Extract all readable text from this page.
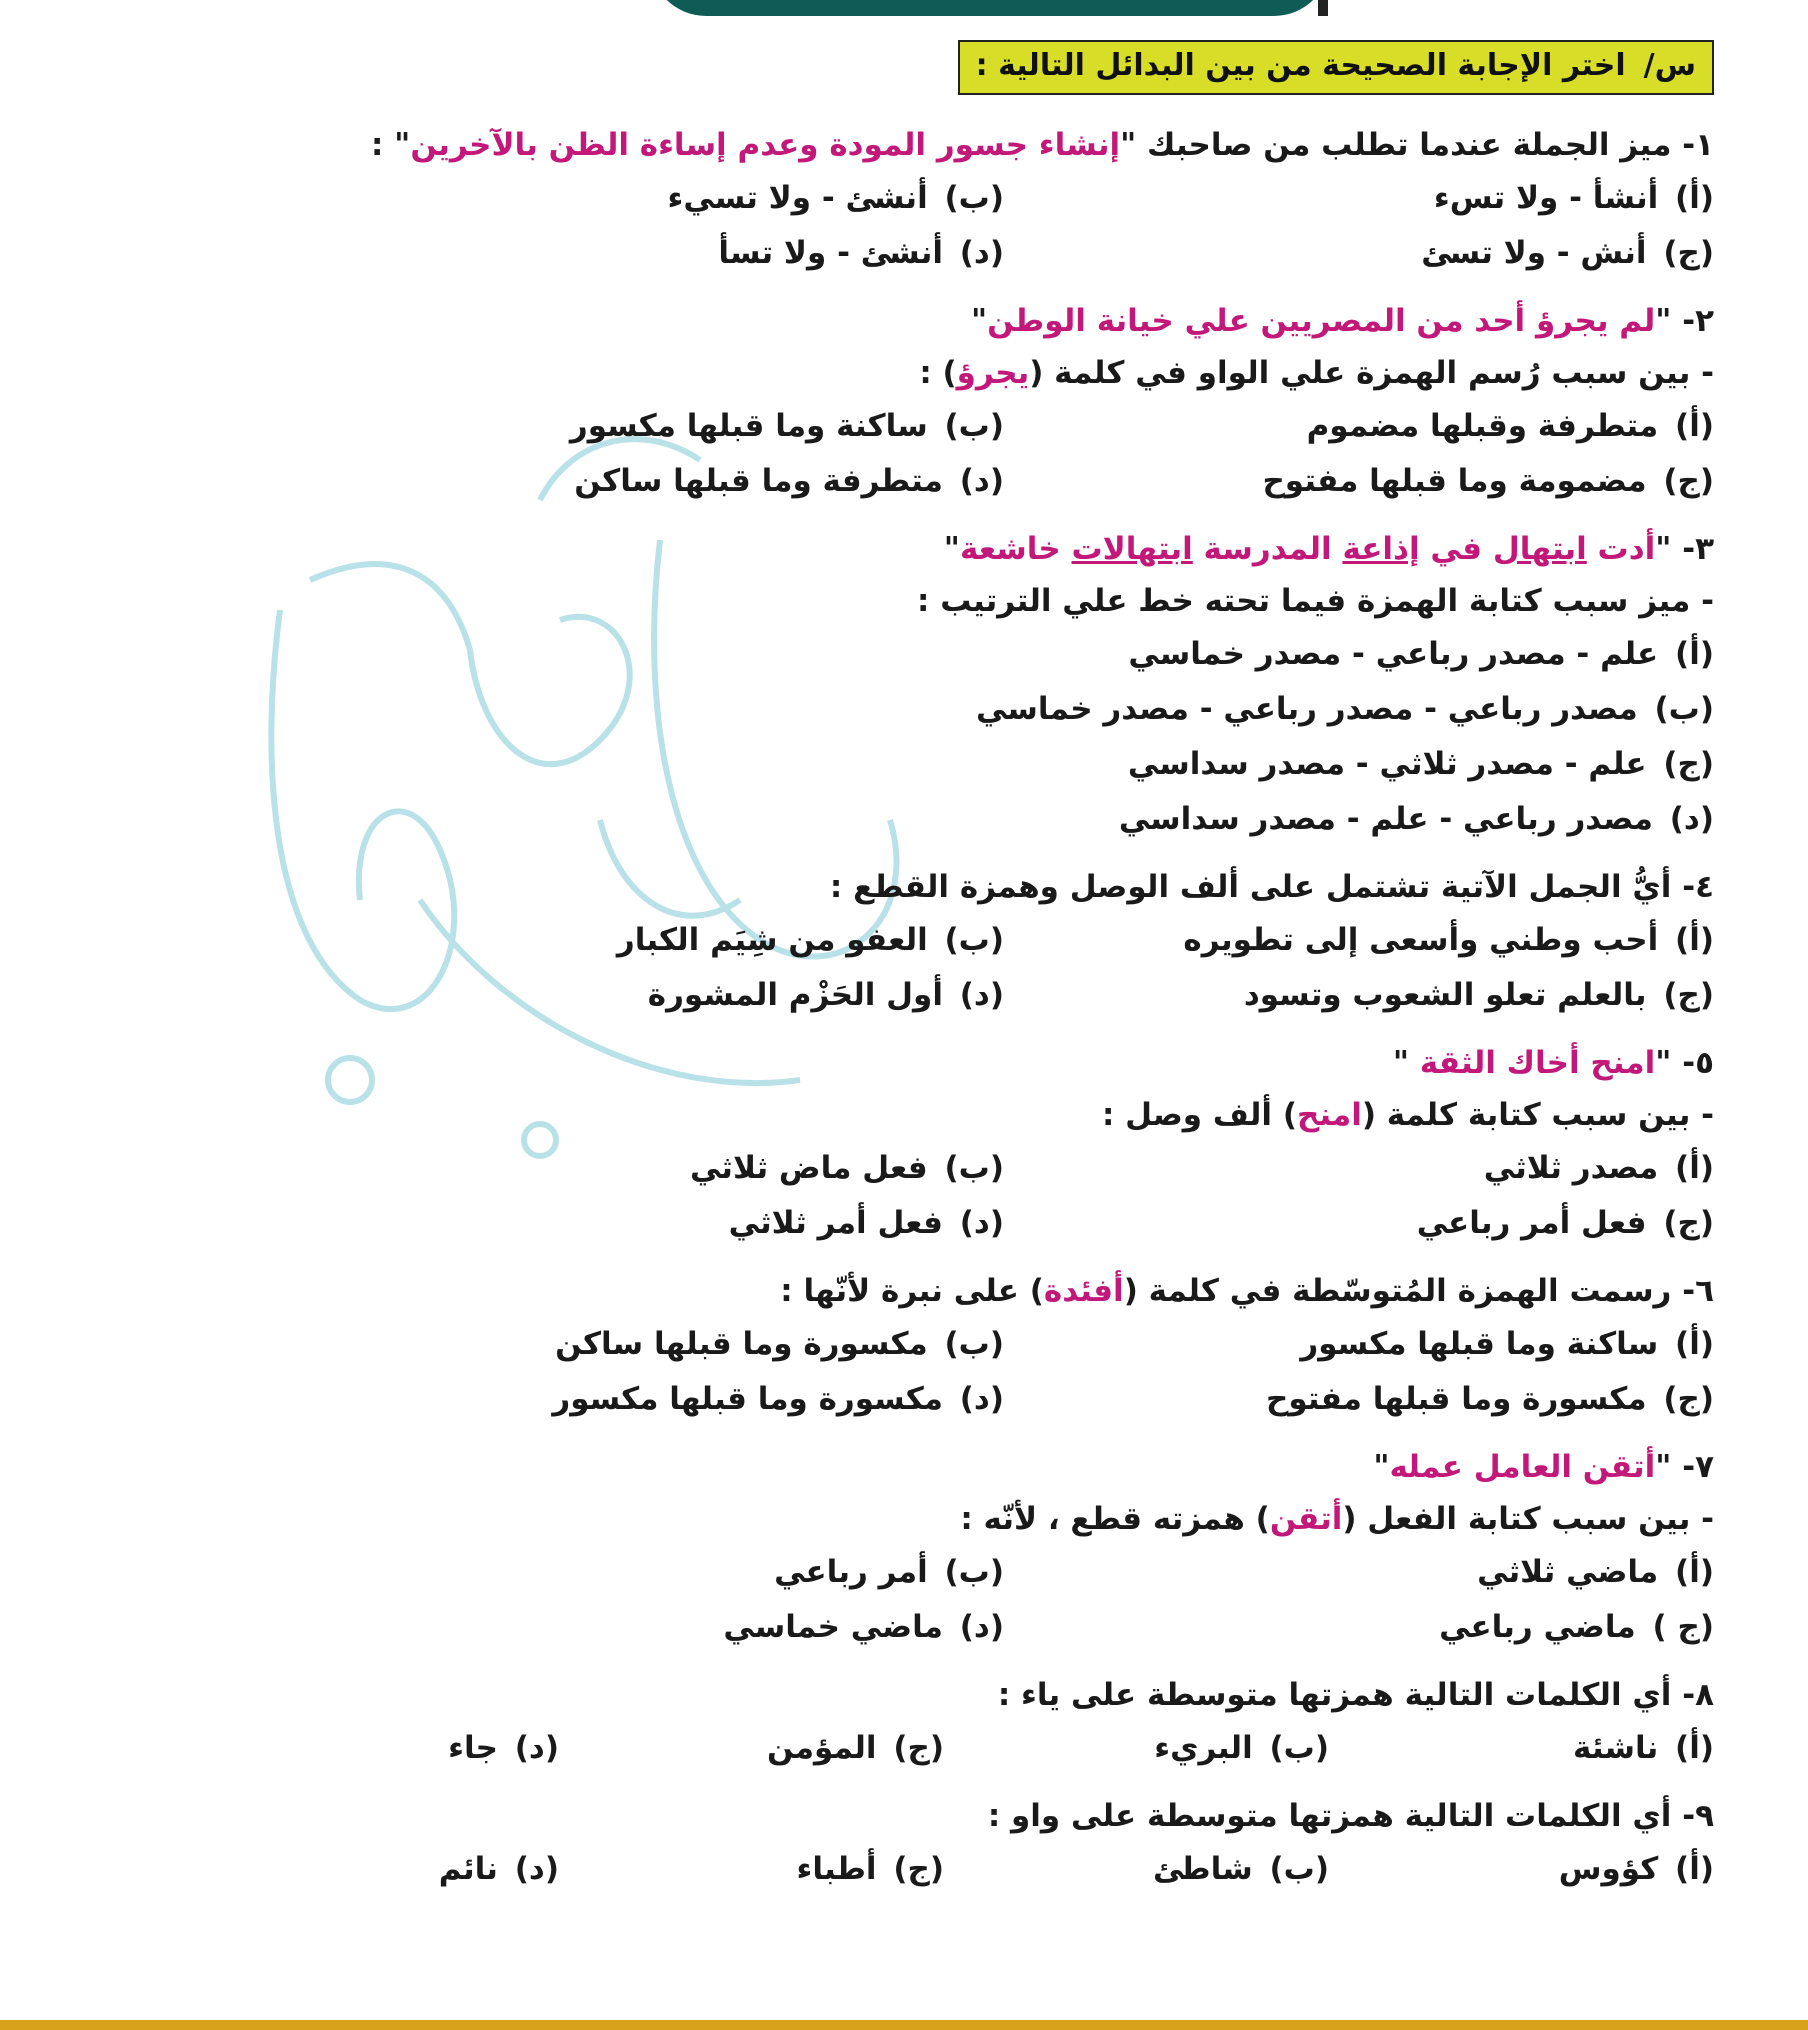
س/اختر الإجابة الصحيحة من بين البدائل التالية :
١- ميز الجملة عندما تطلب من صاحبك "إنشاء جسور المودة وعدم إساءة الظن بالآخرين" :
(أ) أنشأ - ولا تسء
(ب) أنشئ - ولا تسيء
(ج) أنش - ولا تسئ
(د) أنشئ - ولا تسأ
٢- "لم يجرؤ أحد من المصريين علي خيانة الوطن"
- بين سبب رُسم الهمزة علي الواو في كلمة (يجرؤ) :
(أ) متطرفة وقبلها مضموم
(ب) ساكنة وما قبلها مكسور
(ج) مضمومة وما قبلها مفتوح
(د) متطرفة وما قبلها ساكن
٣- "أدت ابتهال في إذاعة المدرسة ابتهالات خاشعة"
- ميز سبب كتابة الهمزة فيما تحته خط علي الترتيب :
(أ) علم - مصدر رباعي - مصدر خماسي
(ب) مصدر رباعي - مصدر رباعي - مصدر خماسي
(ج) علم - مصدر ثلاثي - مصدر سداسي
(د) مصدر رباعي - علم - مصدر سداسي
٤- أيُّ الجمل الآتية تشتمل على ألف الوصل وهمزة القطع :
(أ) أحب وطني وأسعى إلى تطويره
(ب) العفو من شِيَم الكبار
(ج) بالعلم تعلو الشعوب وتسود
(د) أول الحَزْم المشورة
٥- "امنح أخاك الثقة "
- بين سبب كتابة كلمة (امنح) ألف وصل :
(أ) مصدر ثلاثي
(ب) فعل ماض ثلاثي
(ج) فعل أمر رباعي
(د) فعل أمر ثلاثي
٦- رسمت الهمزة المُتوسّطة في كلمة (أفئدة) على نبرة لأنّها :
(أ) ساكنة وما قبلها مكسور
(ب) مكسورة وما قبلها ساكن
(ج) مكسورة وما قبلها مفتوح
(د) مكسورة وما قبلها مكسور
٧- "أتقن العامل عمله"
- بين سبب كتابة الفعل (أتقن) همزته قطع ، لأنّه :
(أ) ماضي ثلاثي
(ب) أمر رباعي
(ج ) ماضي رباعي
(د) ماضي خماسي
٨- أي الكلمات التالية همزتها متوسطة على ياء :
(أ) ناشئة
(ب) البريء
(ج) المؤمن
(د) جاء
٩- أي الكلمات التالية همزتها متوسطة على واو :
(أ) كؤوس
(ب) شاطئ
(ج) أطباء
(د) نائم
